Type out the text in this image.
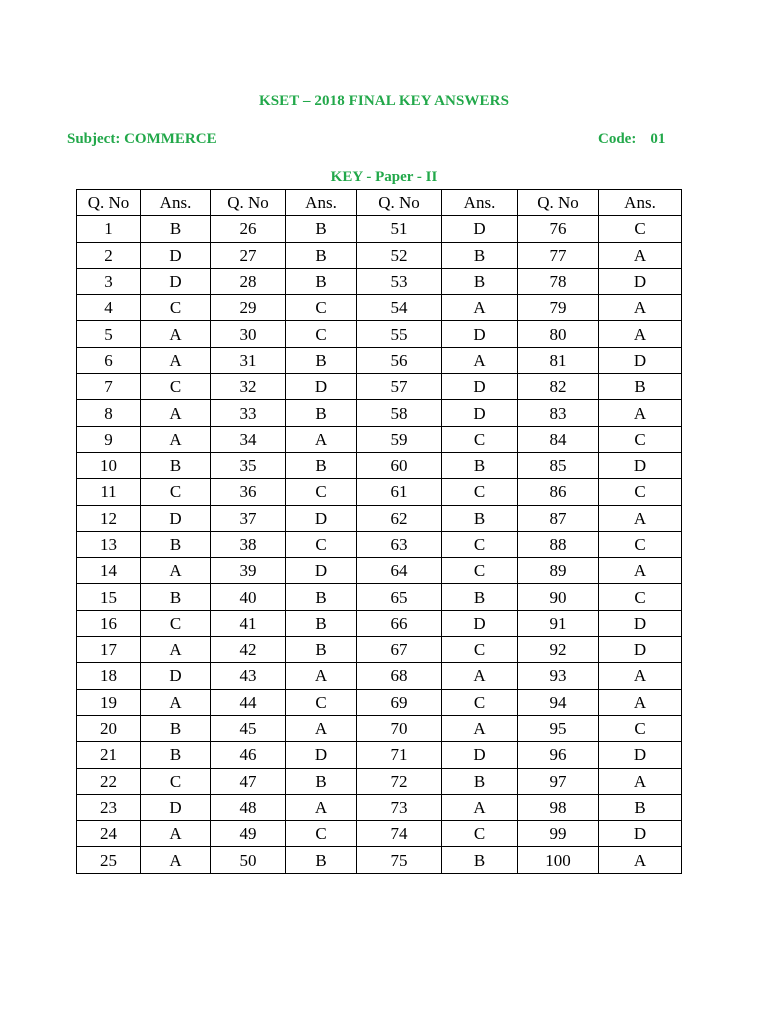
KSET – 2018 FINAL KEY ANSWERS
Subject: COMMERCE	Code: 01
KEY - Paper - II
Q. No	Ans.	Q. No	Ans.	Q. No	Ans.	Q. No	Ans.
1	B	26	B	51	D	76	C
2	D	27	B	52	B	77	A
3	D	28	B	53	B	78	D
4	C	29	C	54	A	79	A
5	A	30	C	55	D	80	A
6	A	31	B	56	A	81	D
7	C	32	D	57	D	82	B
8	A	33	B	58	D	83	A
9	A	34	A	59	C	84	C
10	B	35	B	60	B	85	D
11	C	36	C	61	C	86	C
12	D	37	D	62	B	87	A
13	B	38	C	63	C	88	C
14	A	39	D	64	C	89	A
15	B	40	B	65	B	90	C
16	C	41	B	66	D	91	D
17	A	42	B	67	C	92	D
18	D	43	A	68	A	93	A
19	A	44	C	69	C	94	A
20	B	45	A	70	A	95	C
21	B	46	D	71	D	96	D
22	C	47	B	72	B	97	A
23	D	48	A	73	A	98	B
24	A	49	C	74	C	99	D
25	A	50	B	75	B	100	A
